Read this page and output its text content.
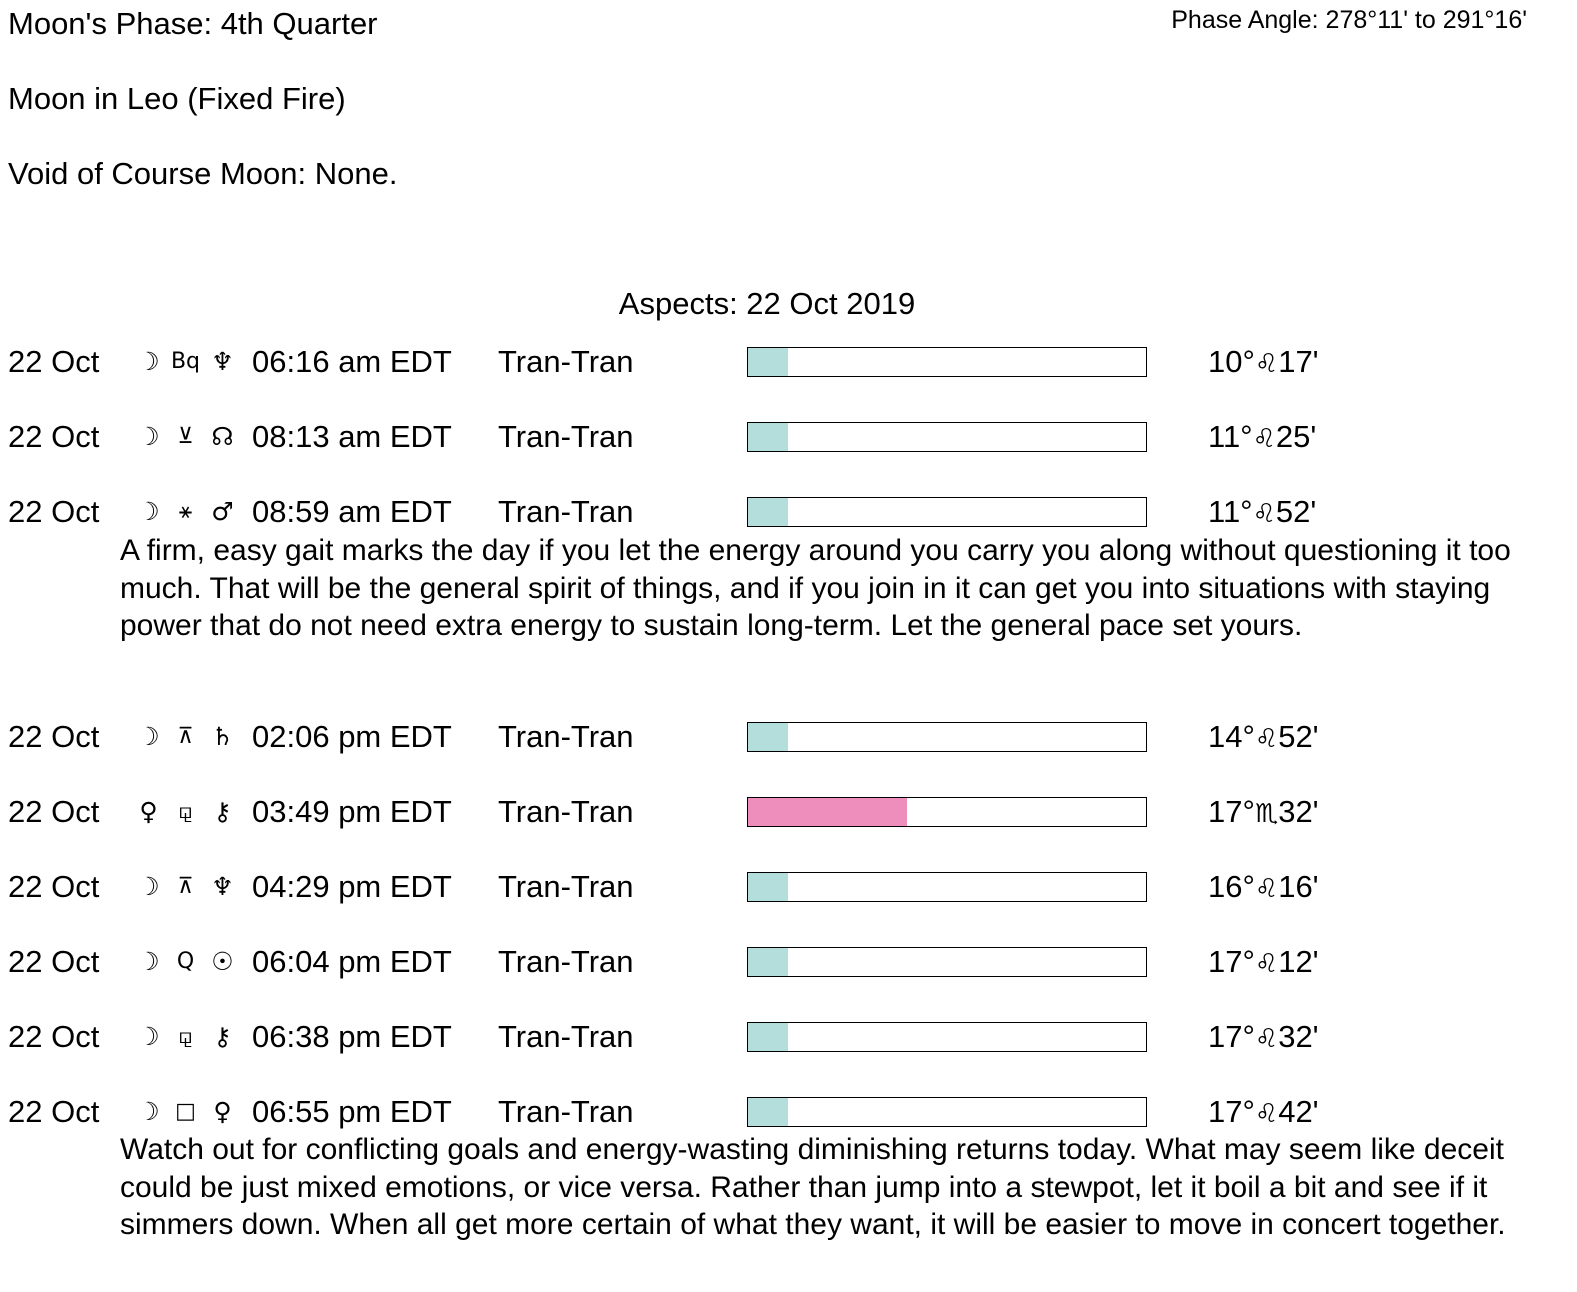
Moon's Phase: 4th Quarter	Phase Angle: 278°11' to 291°16'
Moon in Leo (Fixed Fire)
Void of Course Moon: None.
Aspects: 22 Oct 2019
22 Oct ☽ Bq ♆ 06:16 am EDT Tran-Tran	10°♌17'
22 Oct ☽ ⊻ ☊ 08:13 am EDT Tran-Tran	11°♌25'
22 Oct ☽ ⚹ ♂ 08:59 am EDT Tran-Tran	11°♌52'

A firm, easy gait marks the day if you let the energy around you carry you along without questioning it too much. That will be the general spirit of things, and if you join in it can get you into situations with staying power that do not need extra energy to sustain long-term. Let the general pace set yours.

22 Oct ☽ ⊼ ♄ 02:06 pm EDT Tran-Tran	14°♌52'
22 Oct	♀ ⚼ ⚷ 03:49 pm EDT Tran-Tran	17°♏32'
22 Oct ☽ ⊼ ♆ 04:29 pm EDT Tran-Tran	16°♌16'
22 Oct ☽ Q ☉ 06:04 pm EDT Tran-Tran	17°♌12'
22 Oct ☽ ⚼ ⚷ 06:38 pm EDT Tran-Tran	17°♌32'
22 Oct ☽ □ ♀ 06:55 pm EDT Tran-Tran	17°♌42'

Watch out for conflicting goals and energy-wasting diminishing returns today. What may seem like deceit could be just mixed emotions, or vice versa. Rather than jump into a stewpot, let it boil a bit and see if it simmers down. When all get more certain of what they want, it will be easier to move in concert together.
